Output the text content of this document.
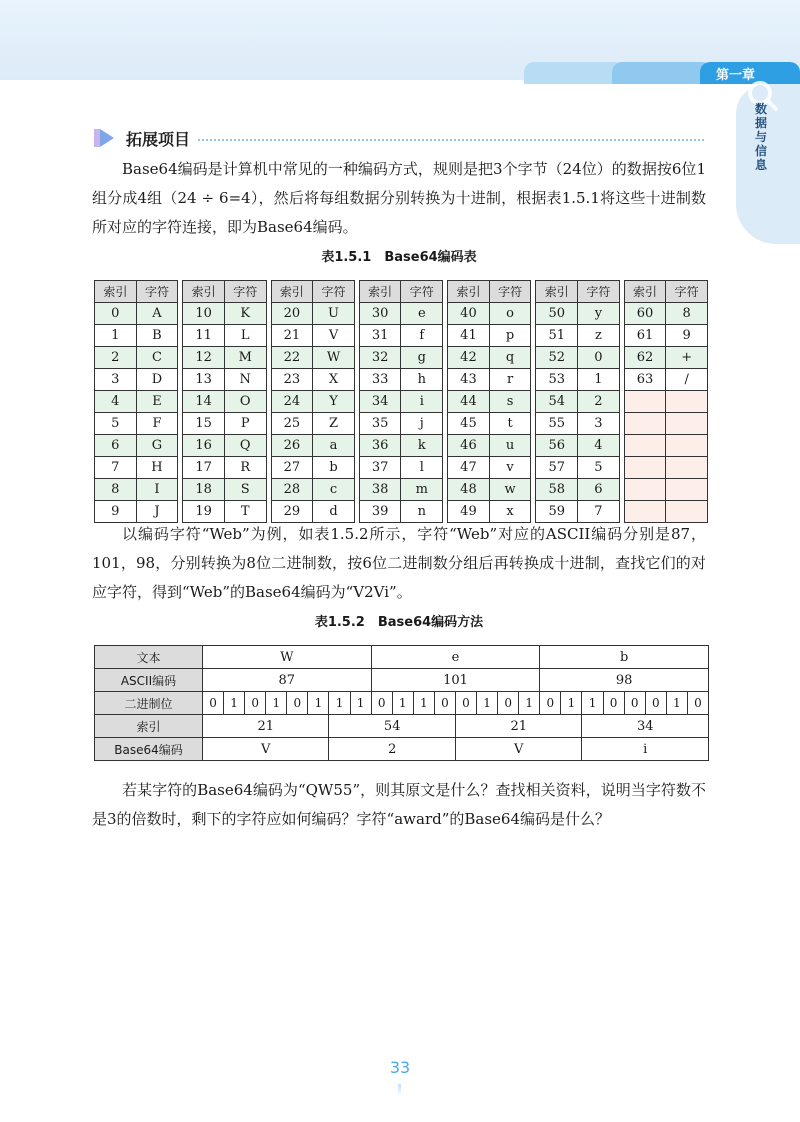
第一章
数据与信息
拓展项目

Base64编码是计算机中常见的一种编码方式，规则是把3个字节（24位）的数据按6位1组分成4组（24 ÷ 6=4），然后将每组数据分别转换为十进制，根据表1.5.1将这些十进制数所对应的字符连接，即为Base64编码。

表1.5.1　Base64编码表
索引	字符		索引	字符		索引	字符		索引	字符		索引	字符		索引	字符		索引	字符
0	A		10	K		20	U		30	e		40	o		50	y		60	8
1	B		11	L		21	V		31	f		41	p		51	z		61	9
2	C		12	M		22	W		32	g		42	q		52	0		62	+
3	D		13	N		23	X		33	h		43	r		53	1		63	/
4	E		14	O		24	Y		34	i		44	s		54	2			
5	F		15	P		25	Z		35	j		45	t		55	3			
6	G		16	Q		26	a		36	k		46	u		56	4			
7	H		17	R		27	b		37	l		47	v		57	5			
8	I		18	S		28	c		38	m		48	w		58	6			
9	J		19	T		29	d		39	n		49	x		59	7			

以编码字符“Web”为例，如表1.5.2所示，字符“Web”对应的ASCII编码分别是87，101，98，分别转换为8位二进制数，按6位二进制数分组后再转换成十进制，查找它们的对应字符，得到“Web”的Base64编码为“V2Vi”。

表1.5.2　Base64编码方法
文本	W								e								b							
ASCII编码	87								101								98							
二进制位	0	1	0	1	0	1	1	1	0	1	1	0	0	1	0	1	0	1	1	0	0	0	1	0
索引	21						54						21						34					
Base64编码	V						2						V						i					

若某字符的Base64编码为“QW55”，则其原文是什么？查找相关资料，说明当字符数不是3的倍数时，剩下的字符应如何编码？字符“award”的Base64编码是什么？

33
